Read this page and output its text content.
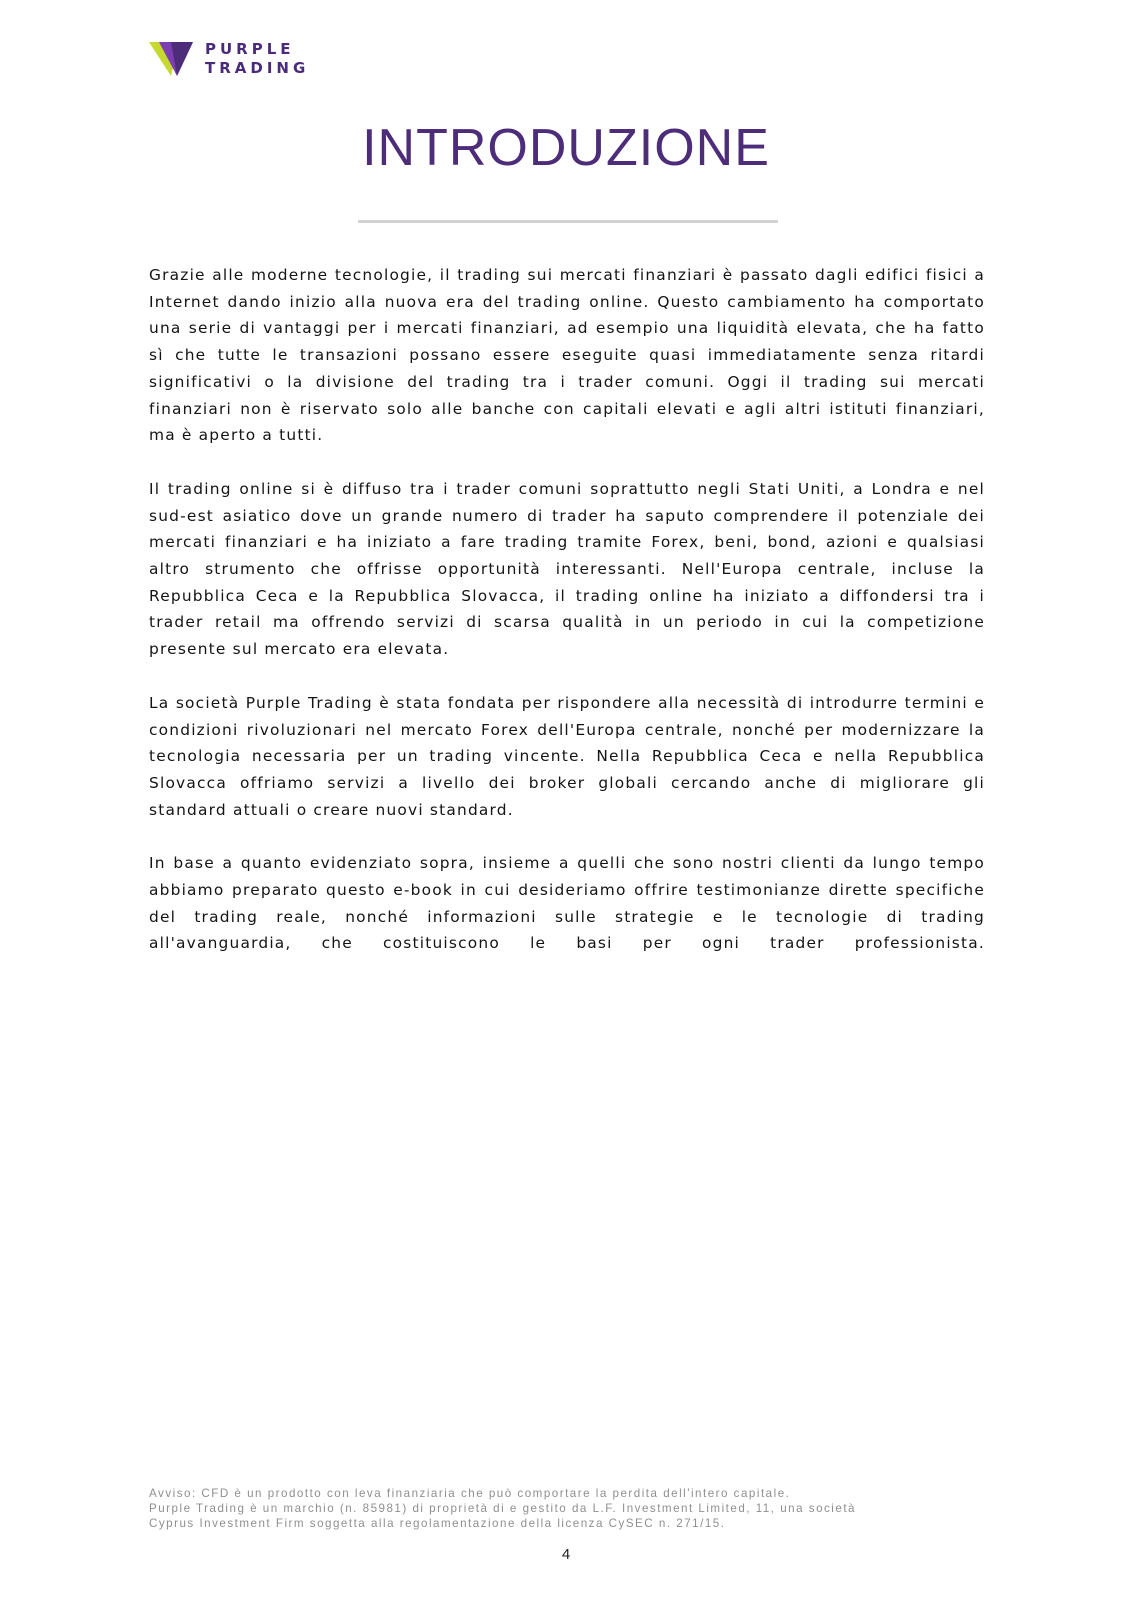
PURPLE
TRADING
INTRODUZIONE

Grazie alle moderne tecnologie, il trading sui mercati finanziari è passato dagli edifici fisici a Internet dando inizio alla nuova era del trading online. Questo cambiamento ha comportato una serie di vantaggi per i mercati finanziari, ad esempio una liquidità elevata, che ha fatto sì che tutte le transazioni possano essere eseguite quasi immediatamente senza ritardi significativi o la divisione del trading tra i trader comuni. Oggi il trading sui mercati finanziari non è riservato solo alle banche con capitali elevati e agli altri istituti finanziari, ma è aperto a tutti.

Il trading online si è diffuso tra i trader comuni soprattutto negli Stati Uniti, a Londra e nel sud-est asiatico dove un grande numero di trader ha saputo comprendere il potenziale dei mercati finanziari e ha iniziato a fare trading tramite Forex, beni, bond, azioni e qualsiasi altro strumento che offrisse opportunità interessanti. Nell'Europa centrale, incluse la Repubblica Ceca e la Repubblica Slovacca, il trading online ha iniziato a diffondersi tra i trader retail ma offrendo servizi di scarsa qualità in un periodo in cui la competizione presente sul mercato era elevata.

La società Purple Trading è stata fondata per rispondere alla necessità di introdurre termini e condizioni rivoluzionari nel mercato Forex dell'Europa centrale, nonché per modernizzare la tecnologia necessaria per un trading vincente. Nella Repubblica Ceca e nella Repubblica Slovacca offriamo servizi a livello dei broker globali cercando anche di migliorare gli standard attuali o creare nuovi standard.

In base a quanto evidenziato sopra, insieme a quelli che sono nostri clienti da lungo tempo abbiamo preparato questo e-book in cui desideriamo offrire testimonianze dirette specifiche del trading reale, nonché informazioni sulle strategie e le tecnologie di trading all'avanguardia, che costituiscono le basi per ogni trader professionista.

Avviso: CFD è un prodotto con leva finanziaria che può comportare la perdita dell'intero capitale.
Purple Trading è un marchio (n. 85981) di proprietà di e gestito da L.F. Investment Limited, 11, una società
Cyprus Investment Firm soggetta alla regolamentazione della licenza CySEC n. 271/15.
4
